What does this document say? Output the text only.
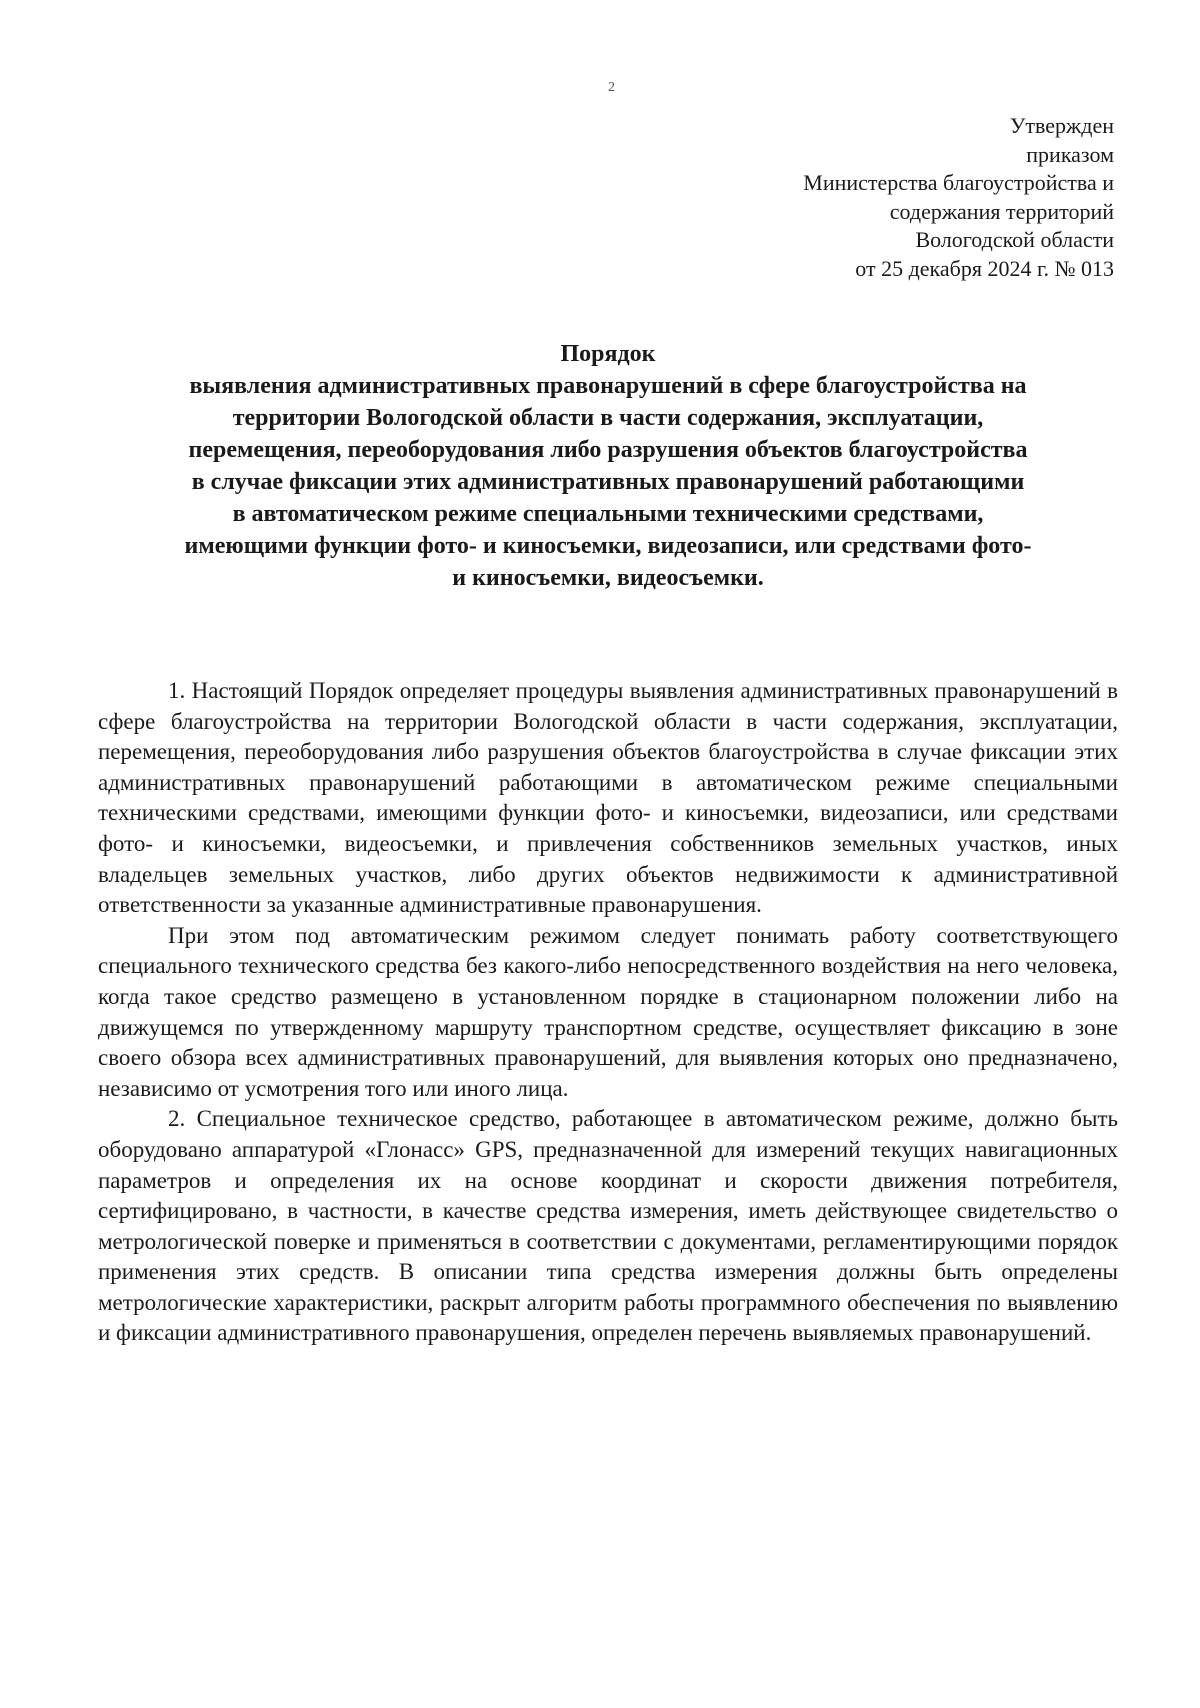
2
Утвержден
приказом
Министерства благоустройства и
содержания территорий
Вологодской области
от 25 декабря 2024 г. № 013
Порядок
выявления административных правонарушений в сфере благоустройства на
территории Вологодской области в части содержания, эксплуатации,
перемещения, переоборудования либо разрушения объектов благоустройства
в случае фиксации этих административных правонарушений работающими
в автоматическом режиме специальными техническими средствами,
имеющими функции фото- и киносъемки, видеозаписи, или средствами фото-
и киносъемки, видеосъемки.

1. Настоящий Порядок определяет процедуры выявления административных правонарушений в сфере благоустройства на территории Вологодской области в части содержания, эксплуатации, перемещения, переоборудования либо разрушения объектов благоустройства в случае фиксации этих административных правонарушений работающими в автоматическом режиме специальными техническими средствами, имеющими функции фото- и киносъемки, видеозаписи, или средствами фото- и киносъемки, видеосъемки, и привлечения собственников земельных участков, иных владельцев земельных участков, либо других объектов недвижимости к административной ответственности за указанные административные правонарушения.

При этом под автоматическим режимом следует понимать работу соответствующего специального технического средства без какого-либо непосредственного воздействия на него человека, когда такое средство размещено в установленном порядке в стационарном положении либо на движущемся по утвержденному маршруту транспортном средстве, осуществляет фиксацию в зоне своего обзора всех административных правонарушений, для выявления которых оно предназначено, независимо от усмотрения того или иного лица.

2. Специальное техническое средство, работающее в автоматическом режиме, должно быть оборудовано аппаратурой «Глонасс» GPS, предназначенной для измерений текущих навигационных параметров и определения их на основе координат и скорости движения потребителя, сертифицировано, в частности, в качестве средства измерения, иметь действующее свидетельство о метрологической поверке и применяться в соответствии с документами, регламентирующими порядок применения этих средств. В описании типа средства измерения должны быть определены метрологические характеристики, раскрыт алгоритм работы программного обеспечения по выявлению и фиксации административного правонарушения, определен перечень выявляемых правонарушений.
